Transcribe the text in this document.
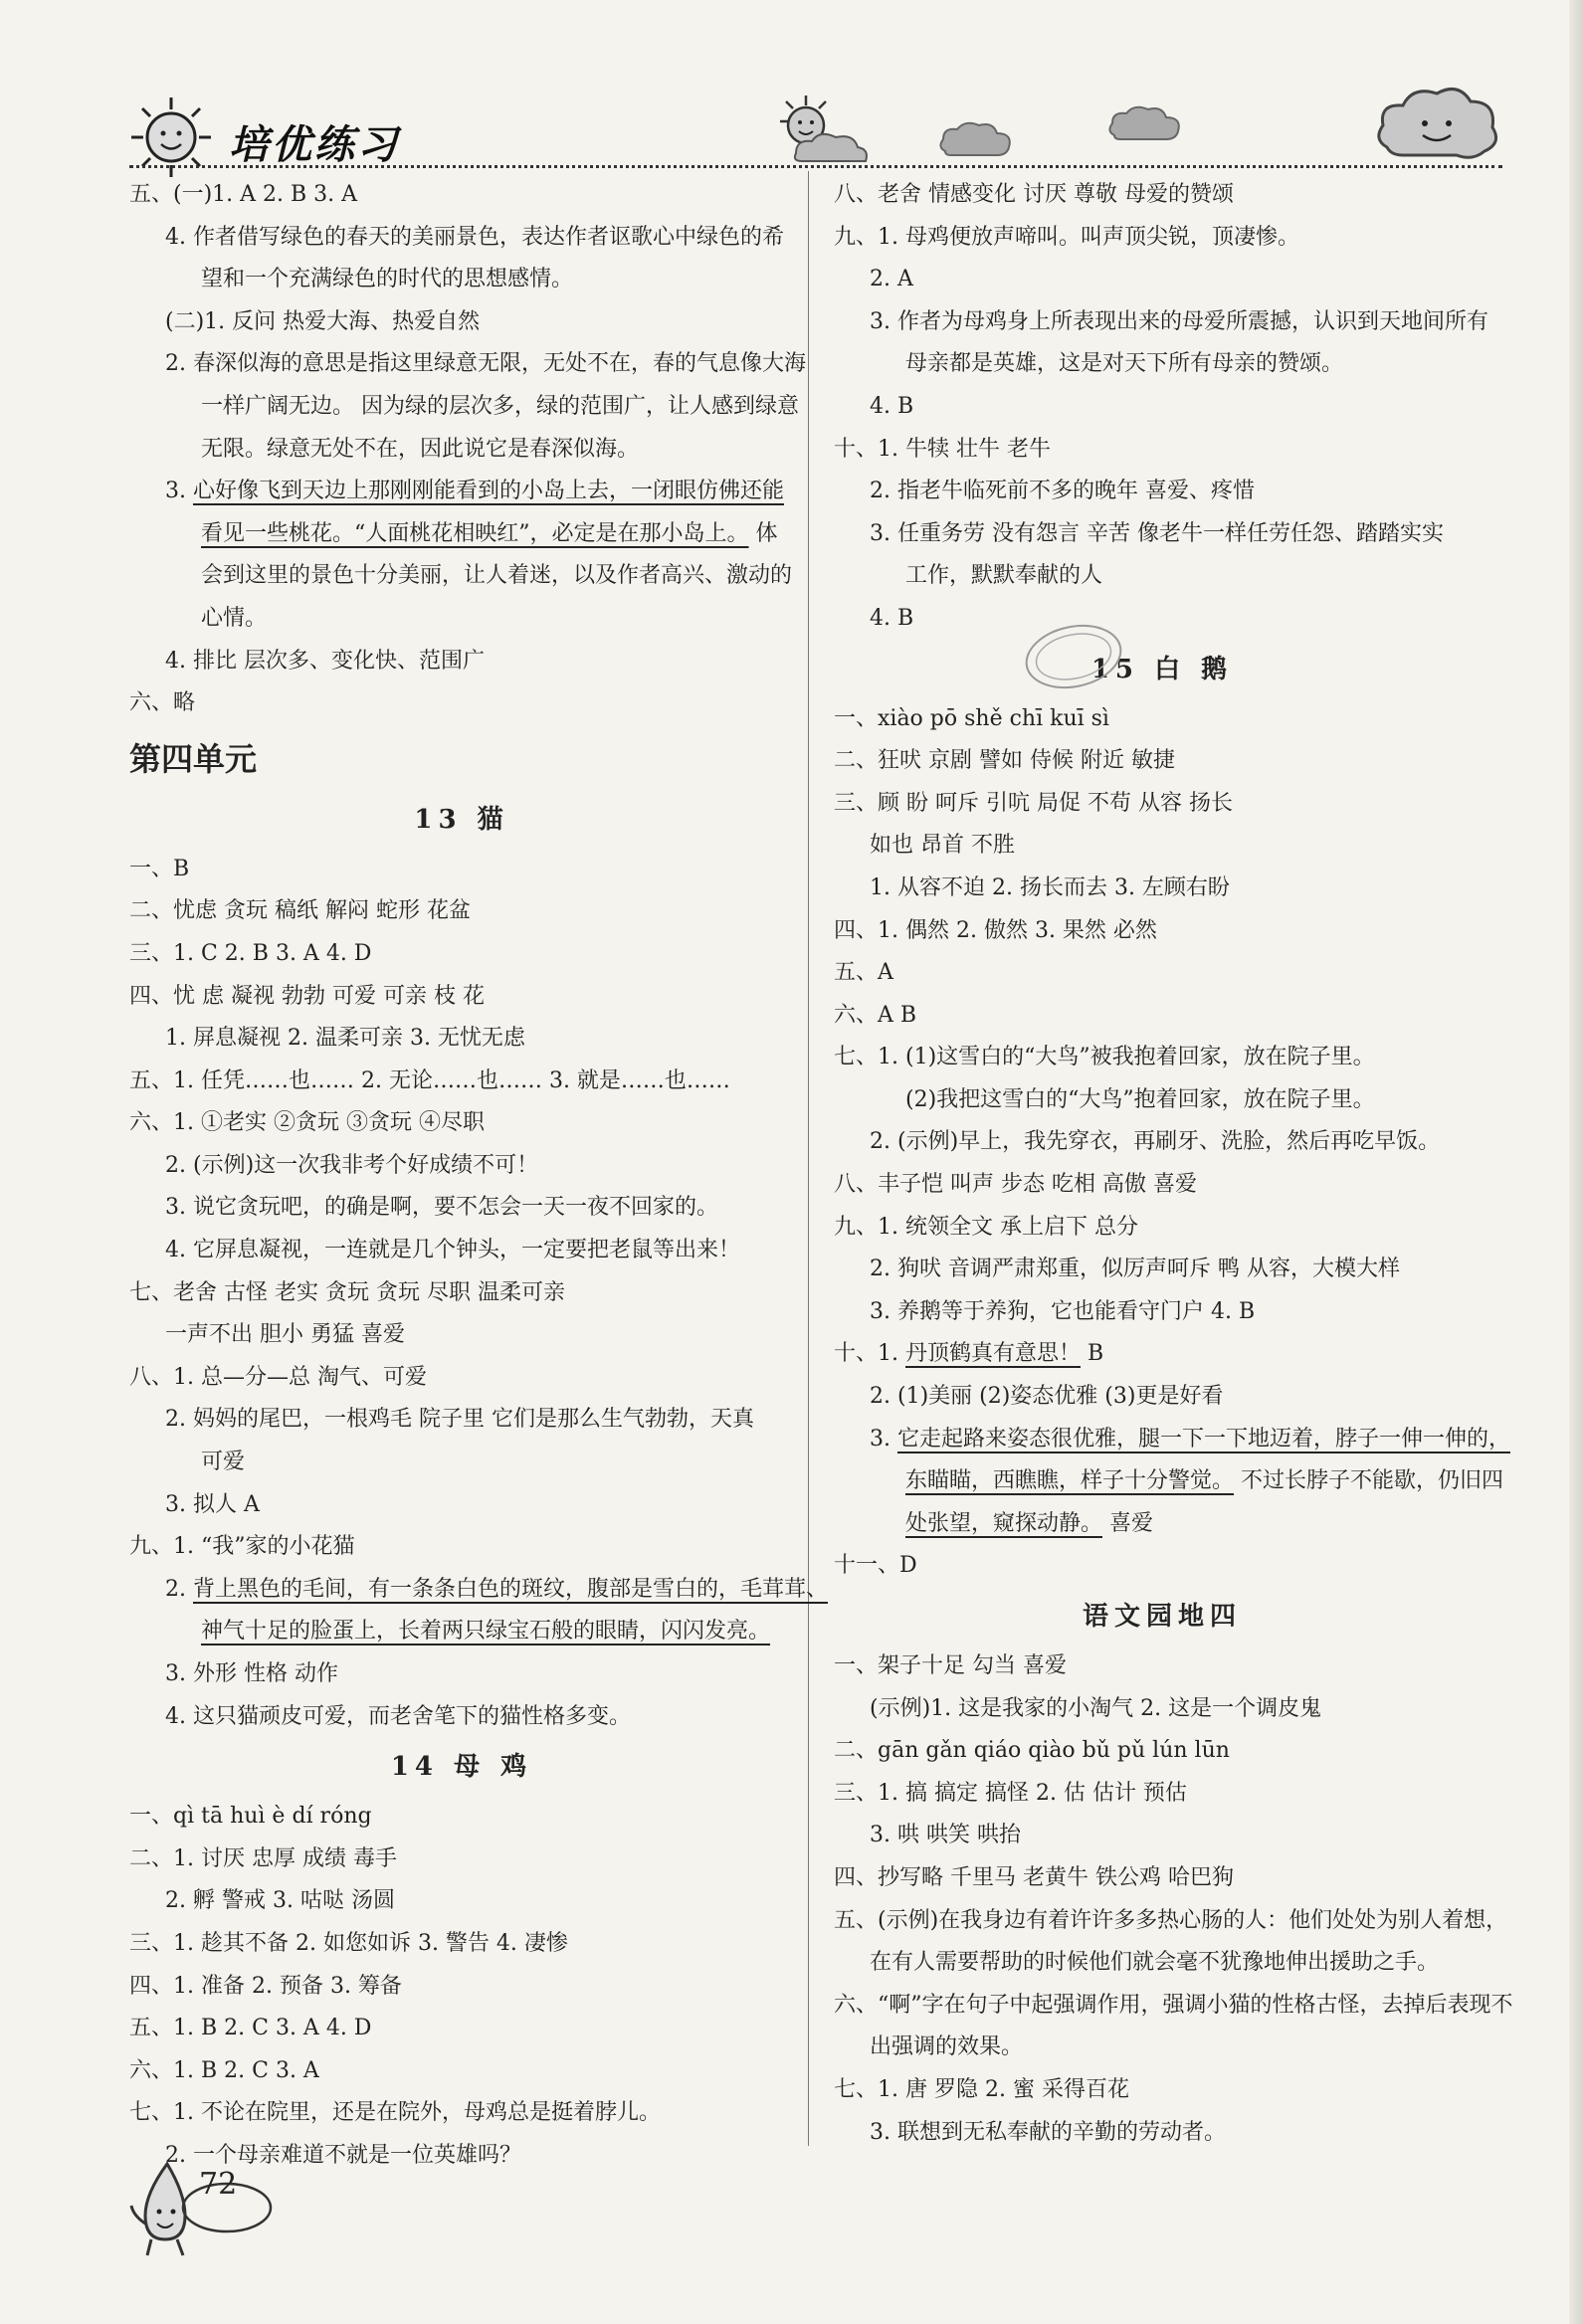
培优练习
五、(一)1. A 2. B 3. A
4. 作者借写绿色的春天的美丽景色，表达作者讴歌心中绿色的希
望和一个充满绿色的时代的思想感情。
(二)1. 反问 热爱大海、热爱自然
2. 春深似海的意思是指这里绿意无限，无处不在，春的气息像大海
一样广阔无边。 因为绿的层次多，绿的范围广，让人感到绿意
无限。绿意无处不在，因此说它是春深似海。
3. 心好像飞到天边上那刚刚能看到的小岛上去，一闭眼仿佛还能
看见一些桃花。“人面桃花相映红”，必定是在那小岛上。 体
会到这里的景色十分美丽，让人着迷，以及作者高兴、激动的
心情。
4. 排比 层次多、变化快、范围广
六、略
第四单元
13 猫
一、B
二、忧虑 贪玩 稿纸 解闷 蛇形 花盆
三、1. C 2. B 3. A 4. D
四、忧 虑 凝视 勃勃 可爱 可亲 枝 花
1. 屏息凝视 2. 温柔可亲 3. 无忧无虑
五、1. 任凭……也…… 2. 无论……也…… 3. 就是……也……
六、1. ①老实 ②贪玩 ③贪玩 ④尽职
2. (示例)这一次我非考个好成绩不可！
3. 说它贪玩吧，的确是啊，要不怎会一天一夜不回家的。
4. 它屏息凝视，一连就是几个钟头，一定要把老鼠等出来！
七、老舍 古怪 老实 贪玩 贪玩 尽职 温柔可亲
一声不出 胆小 勇猛 喜爱
八、1. 总—分—总 淘气、可爱
2. 妈妈的尾巴，一根鸡毛 院子里 它们是那么生气勃勃，天真
可爱
3. 拟人 A
九、1. “我”家的小花猫
2. 背上黑色的毛间，有一条条白色的斑纹，腹部是雪白的，毛茸茸、
神气十足的脸蛋上，长着两只绿宝石般的眼睛，闪闪发亮。
3. 外形 性格 动作
4. 这只猫顽皮可爱，而老舍笔下的猫性格多变。
14 母 鸡
一、qì tā huì è dí róng
二、1. 讨厌 忠厚 成绩 毒手
2. 孵 警戒 3. 咕哒 汤圆
三、1. 趁其不备 2. 如您如诉 3. 警告 4. 凄惨
四、1. 准备 2. 预备 3. 筹备
五、1. B 2. C 3. A 4. D
六、1. B 2. C 3. A
七、1. 不论在院里，还是在院外，母鸡总是挺着脖儿。
2. 一个母亲难道不就是一位英雄吗？
八、老舍 情感变化 讨厌 尊敬 母爱的赞颂
九、1. 母鸡便放声啼叫。叫声顶尖锐，顶凄惨。
2. A
3. 作者为母鸡身上所表现出来的母爱所震撼，认识到天地间所有
母亲都是英雄，这是对天下所有母亲的赞颂。
4. B
十、1. 牛犊 壮牛 老牛
2. 指老牛临死前不多的晚年 喜爱、疼惜
3. 任重务劳 没有怨言 辛苦 像老牛一样任劳任怨、踏踏实实
工作，默默奉献的人
4. B
15 白 鹅
一、xiào pō shě chī kuī sì
二、狂吠 京剧 譬如 侍候 附近 敏捷
三、顾 盼 呵斥 引吭 局促 不苟 从容 扬长
如也 昂首 不胜
1. 从容不迫 2. 扬长而去 3. 左顾右盼
四、1. 偶然 2. 傲然 3. 果然 必然
五、A
六、A B
七、1. (1)这雪白的“大鸟”被我抱着回家，放在院子里。
(2)我把这雪白的“大鸟”抱着回家，放在院子里。
2. (示例)早上，我先穿衣，再刷牙、洗脸，然后再吃早饭。
八、丰子恺 叫声 步态 吃相 高傲 喜爱
九、1. 统领全文 承上启下 总分
2. 狗吠 音调严肃郑重，似厉声呵斥 鸭 从容，大模大样
3. 养鹅等于养狗，它也能看守门户 4. B
十、1. 丹顶鹤真有意思！ B
2. (1)美丽 (2)姿态优雅 (3)更是好看
3. 它走起路来姿态很优雅，腿一下一下地迈着，脖子一伸一伸的，
东瞄瞄，西瞧瞧，样子十分警觉。 不过长脖子不能歇，仍旧四
处张望，窥探动静。 喜爱
十一、D
语文园地四
一、架子十足 勾当 喜爱
(示例)1. 这是我家的小淘气 2. 这是一个调皮鬼
二、gān gǎn qiáo qiào bǔ pǔ lún lūn
三、1. 搞 搞定 搞怪 2. 估 估计 预估
3. 哄 哄笑 哄抬
四、抄写略 千里马 老黄牛 铁公鸡 哈巴狗
五、(示例)在我身边有着许许多多热心肠的人：他们处处为别人着想，
在有人需要帮助的时候他们就会毫不犹豫地伸出援助之手。
六、“啊”字在句子中起强调作用，强调小猫的性格古怪，去掉后表现不
出强调的效果。
七、1. 唐 罗隐 2. 蜜 采得百花
3. 联想到无私奉献的辛勤的劳动者。
72
